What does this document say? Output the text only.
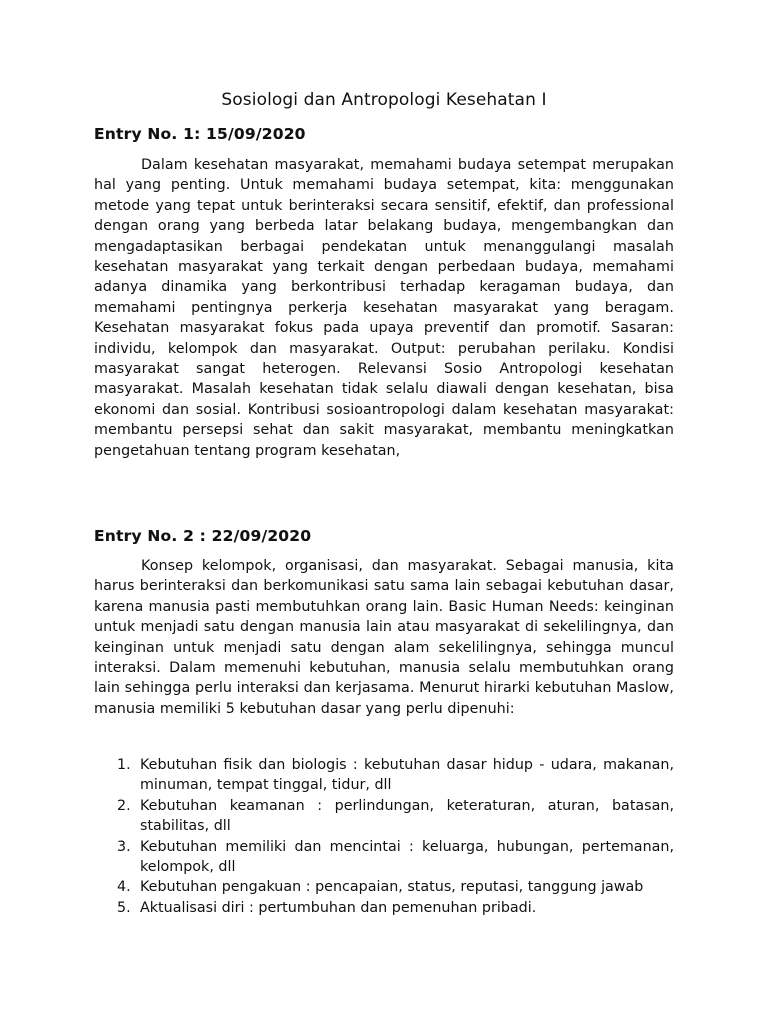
Sosiologi dan Antropologi Kesehatan I
Entry No. 1: 15/09/2020

Dalam kesehatan masyarakat, memahami budaya setempat merupakan hal yang penting. Untuk memahami budaya setempat, kita: menggunakan metode yang tepat untuk berinteraksi secara sensitif, efektif, dan professional dengan orang yang berbeda latar belakang budaya, mengembangkan dan mengadaptasikan berbagai pendekatan untuk menanggulangi masalah kesehatan masyarakat yang terkait dengan perbedaan budaya, memahami adanya dinamika yang berkontribusi terhadap keragaman budaya, dan memahami pentingnya perkerja kesehatan masyarakat yang beragam. Kesehatan masyarakat fokus pada upaya preventif dan promotif. Sasaran: individu, kelompok dan masyarakat. Output: perubahan perilaku. Kondisi masyarakat sangat heterogen. Relevansi Sosio Antropologi kesehatan masyarakat. Masalah kesehatan tidak selalu diawali dengan kesehatan, bisa ekonomi dan sosial. Kontribusi sosioantropologi dalam kesehatan masyarakat: membantu persepsi sehat dan sakit masyarakat, membantu meningkatkan pengetahuan tentang program kesehatan,

Entry No. 2 : 22/09/2020

Konsep kelompok, organisasi, dan masyarakat. Sebagai manusia, kita harus berinteraksi dan berkomunikasi satu sama lain sebagai kebutuhan dasar, karena manusia pasti membutuhkan orang lain. Basic Human Needs: keinginan untuk menjadi satu dengan manusia lain atau masyarakat di sekelilingnya, dan keinginan untuk menjadi satu dengan alam sekelilingnya, sehingga muncul interaksi. Dalam memenuhi kebutuhan, manusia selalu membutuhkan orang lain sehingga perlu interaksi dan kerjasama. Menurut hirarki kebutuhan Maslow, manusia memiliki 5 kebutuhan dasar yang perlu dipenuhi:

1. Kebutuhan fisik dan biologis : kebutuhan dasar hidup - udara, makanan, minuman, tempat tinggal, tidur, dll
2. Kebutuhan keamanan : perlindungan, keteraturan, aturan, batasan, stabilitas, dll
3. Kebutuhan memiliki dan mencintai : keluarga, hubungan, pertemanan, kelompok, dll
4. Kebutuhan pengakuan : pencapaian, status, reputasi, tanggung jawab
5. Aktualisasi diri : pertumbuhan dan pemenuhan pribadi.
